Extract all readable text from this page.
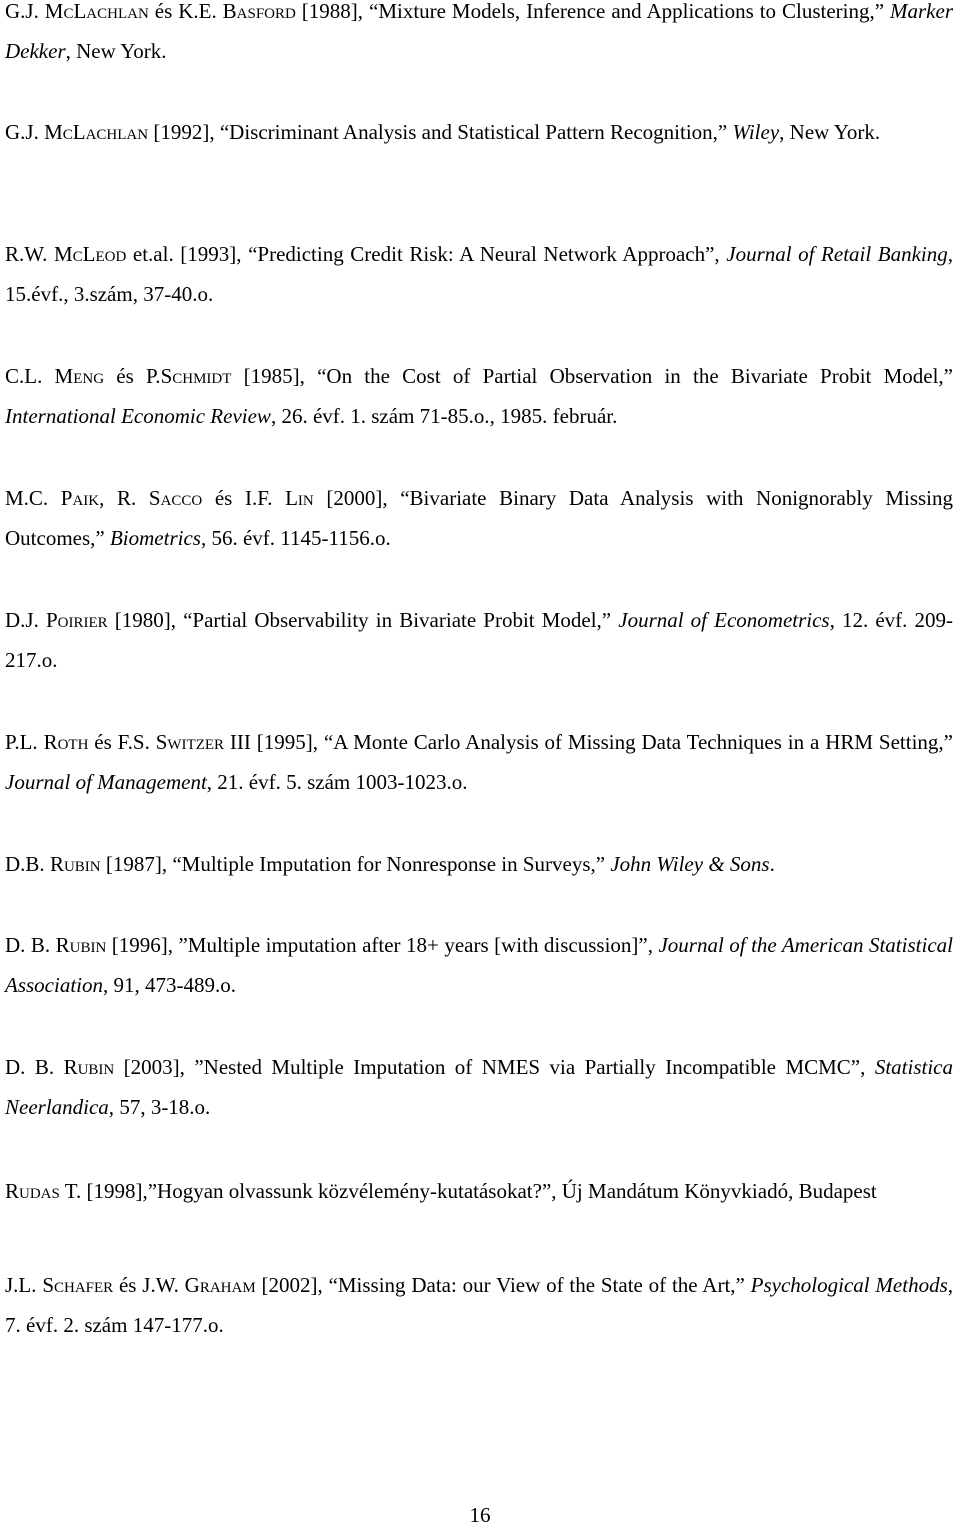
G.J. McLachlan és K.E. Basford [1988], “Mixture Models, Inference and Applications to Clustering,” Marker Dekker, New York.

G.J. McLachlan [1992], “Discriminant Analysis and Statistical Pattern Recognition,” Wiley, New York.

R.W. McLeod et.al. [1993], “Predicting Credit Risk: A Neural Network Approach”, Journal of Retail Banking, 15.évf., 3.szám, 37-40.o.

C.L. Meng és P.Schmidt [1985], “On the Cost of Partial Observation in the Bivariate Probit Model,” International Economic Review, 26. évf. 1. szám 71-85.o., 1985. február.

M.C. Paik, R. Sacco és I.F. Lin [2000], “Bivariate Binary Data Analysis with Nonignorably Missing Outcomes,” Biometrics, 56. évf. 1145-1156.o.

D.J. Poirier [1980], “Partial Observability in Bivariate Probit Model,” Journal of Econometrics, 12. évf. 209-217.o.

P.L. Roth és F.S. Switzer III [1995], “A Monte Carlo Analysis of Missing Data Techniques in a HRM Setting,” Journal of Management, 21. évf. 5. szám 1003-1023.o.

D.B. Rubin [1987], “Multiple Imputation for Nonresponse in Surveys,” John Wiley & Sons.

D. B. Rubin [1996], ”Multiple imputation after 18+ years [with discussion]”, Journal of the American Statistical Association, 91, 473-489.o.

D. B. Rubin [2003], ”Nested Multiple Imputation of NMES via Partially Incompatible MCMC”, Statistica Neerlandica, 57, 3-18.o.

Rudas T. [1998],”Hogyan olvassunk közvélemény-kutatásokat?”, Új Mandátum Könyvkiadó, Budapest

J.L. Schafer és J.W. Graham [2002], “Missing Data: our View of the State of the Art,” Psychological Methods, 7. évf. 2. szám 147-177.o.

16
